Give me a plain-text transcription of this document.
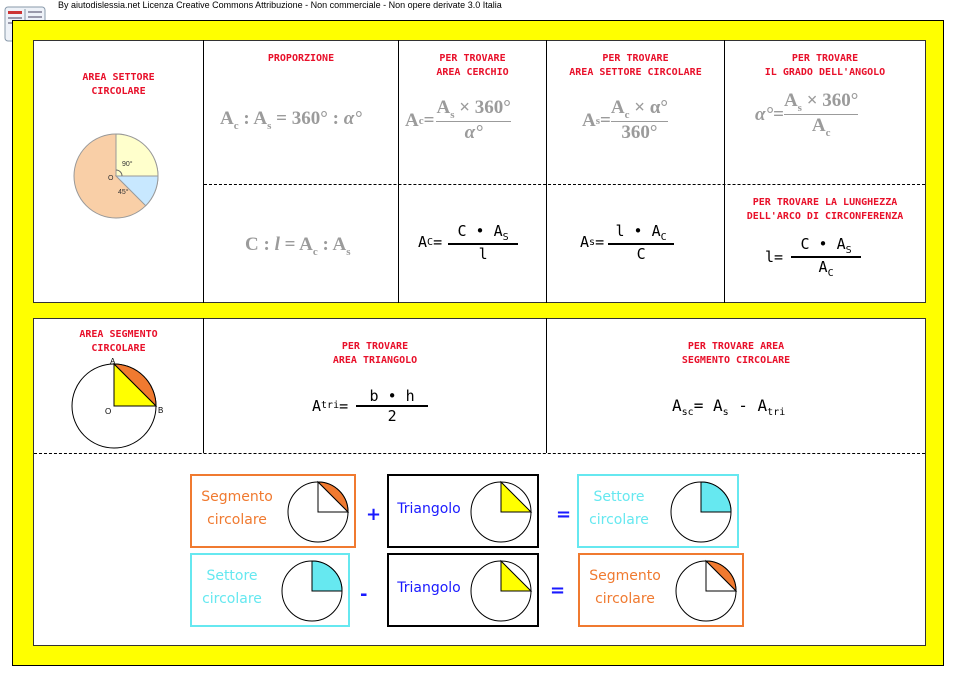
By aiutodislessia.net Licenza Creative Commons Attribuzione - Non commerciale - Non opere derivate 3.0 Italia
AREA SETTORE
CIRCOLARE
90°
45°
O
PROPORZIONE
$A_c$ : $A_s = 360^\circ$ : α°
PER TROVARE
AREA CERCHIO
A $c = \frac{A_s \times 360^\circ}{\alpha^\circ}$
PER TROVARE
AREA SETTORE CIRCOLARE
A $s = \frac{A_c \times \alpha^\circ}{360^\circ}$
PER TROVARE
IL GRADO DELL'ANGOLO
$\alpha^\circ = \frac{A_s \times 360^\circ}{A_c}$
C : $l = A_c$ : $A_s$
A $C = \frac{C • A_S}{l}$	A $s = \frac{l • A_C}{C}$
PER TROVARE LA LUNGHEZZA
DELL'ARCO DI CIRCONFERENZA
$l = \frac{C • A_S}{A_C}$
AREA SEGMENTO
CIRCOLARE
A
O	B
PER TROVARE
AREA TRIANGOLO
A tri = $\frac{b • h}{2}$
PER TROVARE AREA
SEGMENTO CIRCOLARE
$A_{sc}= A_s - A_{tri}$
Segmento
circolare	+	Triangolo	=
Settore
circolare
Settore
circolare	-	Triangolo	=
Segmento
circolare
